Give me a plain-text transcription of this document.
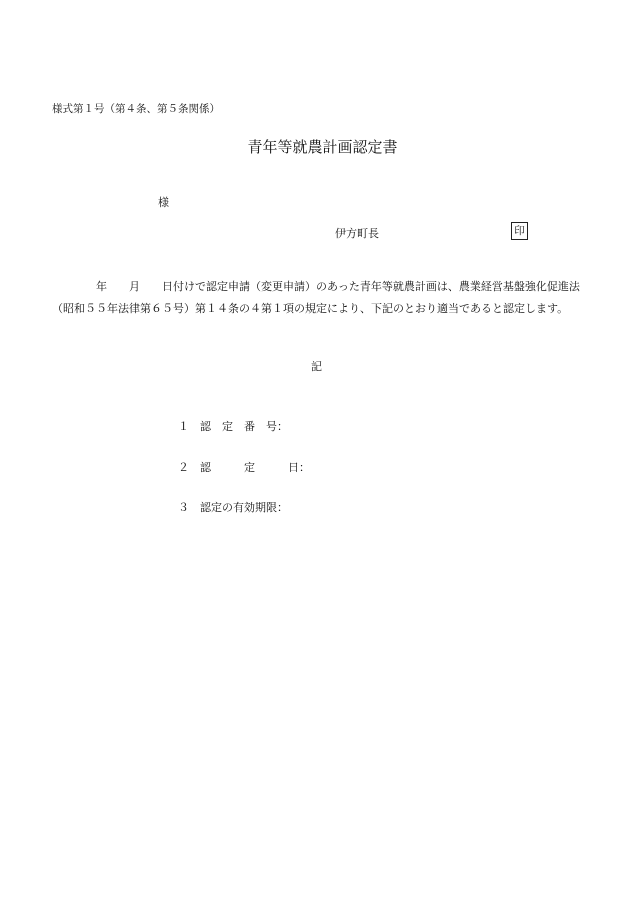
様式第１号（第４条、第５条関係）
青年等就農計画認定書
様
伊方町長	印
年 月 日付けで認定申請（変更申請）のあった青年等就農計画は、農業経営基盤強化促進法（昭和５５年法律第６５号）第１４条の４第１項の規定により、下記のとおり適当であると認定します。
記
１ 認　定　番　号：
２ 認　　　定　　　日：
３ 認定の有効期限：
